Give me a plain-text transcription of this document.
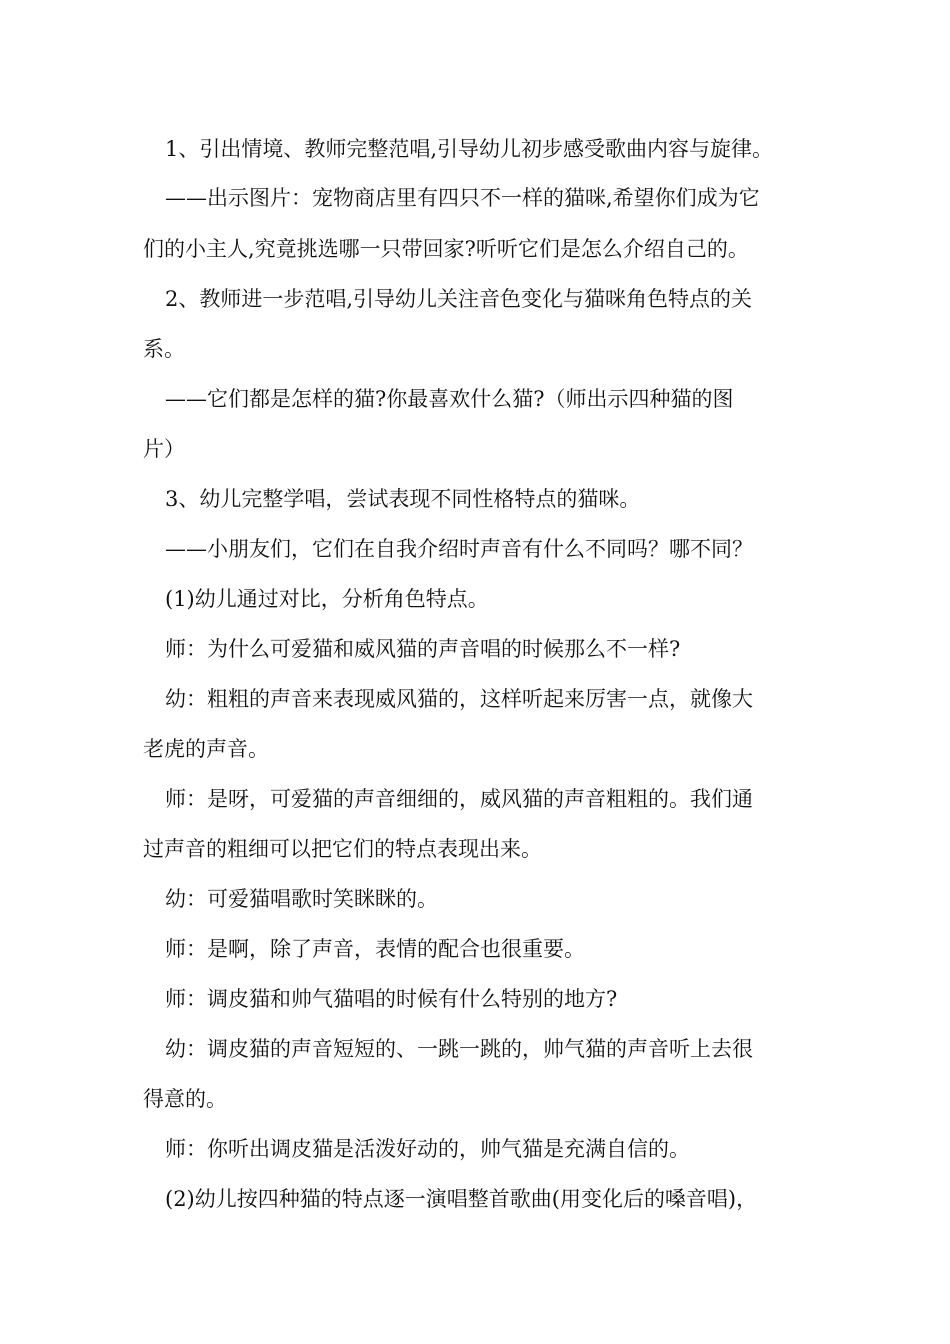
1、引出情境、教师完整范唱,引导幼儿初步感受歌曲内容与旋律。
——出示图片：宠物商店里有四只不一样的猫咪,希望你们成为它
们的小主人,究竟挑选哪一只带回家?听听它们是怎么介绍自己的。
2、教师进一步范唱,引导幼儿关注音色变化与猫咪角色特点的关
系。
——它们都是怎样的猫?你最喜欢什么猫?（师出示四种猫的图
片）
3、幼儿完整学唱，尝试表现不同性格特点的猫咪。
——小朋友们，它们在自我介绍时声音有什么不同吗？哪不同？
(1)幼儿通过对比，分析角色特点。
师：为什么可爱猫和威风猫的声音唱的时候那么不一样?
幼：粗粗的声音来表现威风猫的，这样听起来厉害一点，就像大
老虎的声音。
师：是呀，可爱猫的声音细细的，威风猫的声音粗粗的。我们通
过声音的粗细可以把它们的特点表现出来。
幼：可爱猫唱歌时笑眯眯的。
师：是啊，除了声音，表情的配合也很重要。
师：调皮猫和帅气猫唱的时候有什么特别的地方?
幼：调皮猫的声音短短的、一跳一跳的，帅气猫的声音听上去很
得意的。
师：你听出调皮猫是活泼好动的，帅气猫是充满自信的。
(2)幼儿按四种猫的特点逐一演唱整首歌曲(用变化后的嗓音唱)，
